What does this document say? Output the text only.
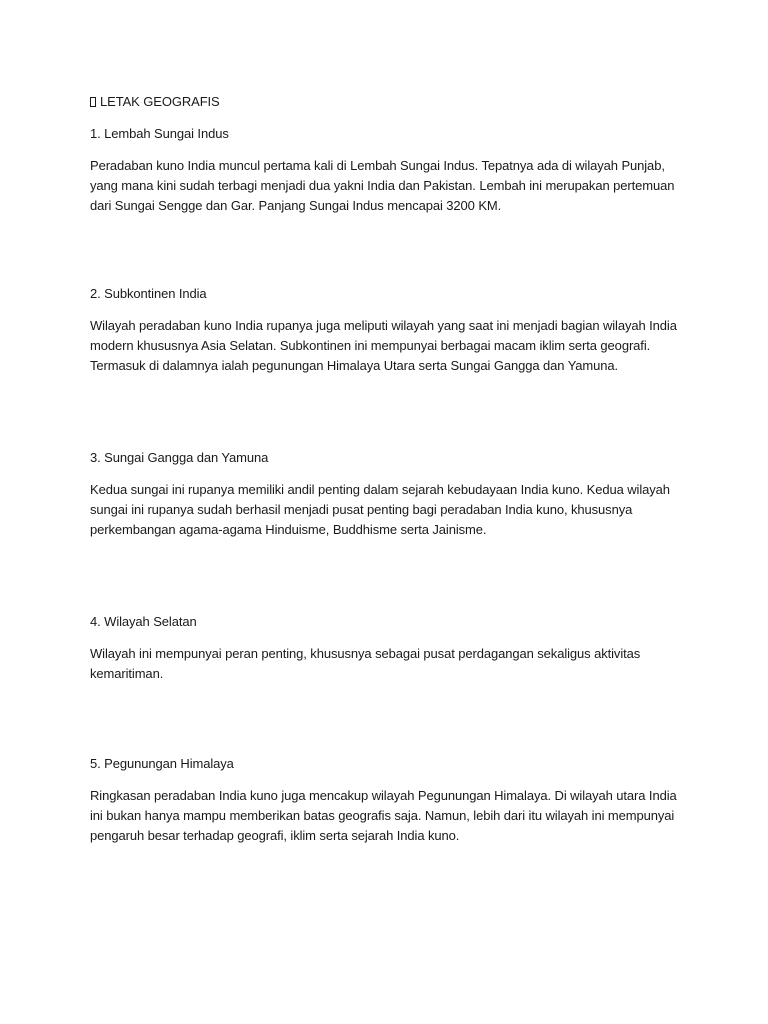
LETAK GEOGRAFIS

1. Lembah Sungai Indus

Peradaban kuno India muncul pertama kali di Lembah Sungai Indus. Tepatnya ada di wilayah Punjab, yang mana kini sudah terbagi menjadi dua yakni India dan Pakistan. Lembah ini merupakan pertemuan dari Sungai Sengge dan Gar. Panjang Sungai Indus mencapai 3200 KM.

2. Subkontinen India

Wilayah peradaban kuno India rupanya juga meliputi wilayah yang saat ini menjadi bagian wilayah India modern khususnya Asia Selatan. Subkontinen ini mempunyai berbagai macam iklim serta geografi. Termasuk di dalamnya ialah pegunungan Himalaya Utara serta Sungai Gangga dan Yamuna.

3. Sungai Gangga dan Yamuna

Kedua sungai ini rupanya memiliki andil penting dalam sejarah kebudayaan India kuno. Kedua wilayah sungai ini rupanya sudah berhasil menjadi pusat penting bagi peradaban India kuno, khususnya perkembangan agama-agama Hinduisme, Buddhisme serta Jainisme.

4. Wilayah Selatan

Wilayah ini mempunyai peran penting, khususnya sebagai pusat perdagangan sekaligus aktivitas kemaritiman.

5. Pegunungan Himalaya

Ringkasan peradaban India kuno juga mencakup wilayah Pegunungan Himalaya. Di wilayah utara India ini bukan hanya mampu memberikan batas geografis saja. Namun, lebih dari itu wilayah ini mempunyai pengaruh besar terhadap geografi, iklim serta sejarah India kuno.
